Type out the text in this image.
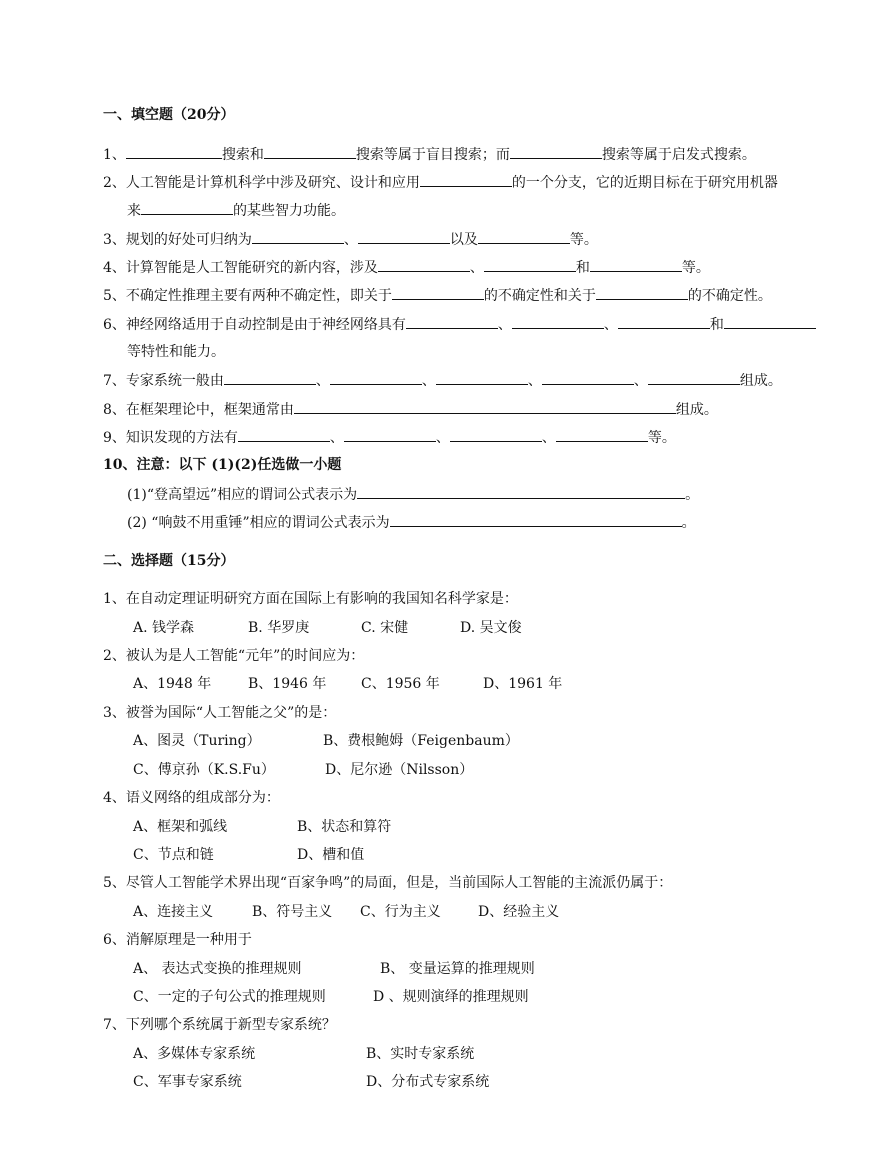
一、填空题（20分）
1、	搜索和	搜索等属于盲目搜索；而	搜索等属于启发式搜索。
2、人工智能是计算机科学中涉及研究、设计和应用	的一个分支，它的近期目标在于研究用机器
来	的某些智力功能。
3、规划的好处可归纳为	、	以及	等。
4、计算智能是人工智能研究的新内容，涉及	、	和	等。
5、不确定性推理主要有两种不确定性，即关于	的不确定性和关于	的不确定性。
6、神经网络适用于自动控制是由于神经网络具有	、	、	和
等特性和能力。
7、专家系统一般由	、	、	、	、	组成。
8、在框架理论中，框架通常由	组成。
9、知识发现的方法有	、	、	、	等。
10、注意：以下 (1)(2)任选做一小题
(1)“登高望远”相应的谓词公式表示为	。
(2) “响鼓不用重锤”相应的谓词公式表示为	。
二、选择题（15分）
1、在自动定理证明研究方面在国际上有影响的我国知名科学家是：
A. 钱学森	B. 华罗庚	C. 宋健	D. 吴文俊
2、被认为是人工智能“元年”的时间应为：
A、1948 年	B、1946 年 C、1956 年	D、1961 年
3、被誉为国际“人工智能之父”的是：
A、图灵（Turing）	B、费根鲍姆（Feigenbaum）
C、傅京孙（K.S.Fu）	D、尼尔逊（Nilsson）
4、语义网络的组成部分为：
A、框架和弧线	B、状态和算符
C、节点和链	D、槽和值
5、尽管人工智能学术界出现“百家争鸣”的局面，但是，当前国际人工智能的主流派仍属于：
A、连接主义	B、符号主义 C、行为主义	D、经验主义
6、消解原理是一种用于
A、 表达式变换的推理规则	B、 变量运算的推理规则
C、一定的子句公式的推理规则	D 、规则演绎的推理规则
7、下列哪个系统属于新型专家系统？
A、多媒体专家系统	B、实时专家系统
C、军事专家系统	D、分布式专家系统
